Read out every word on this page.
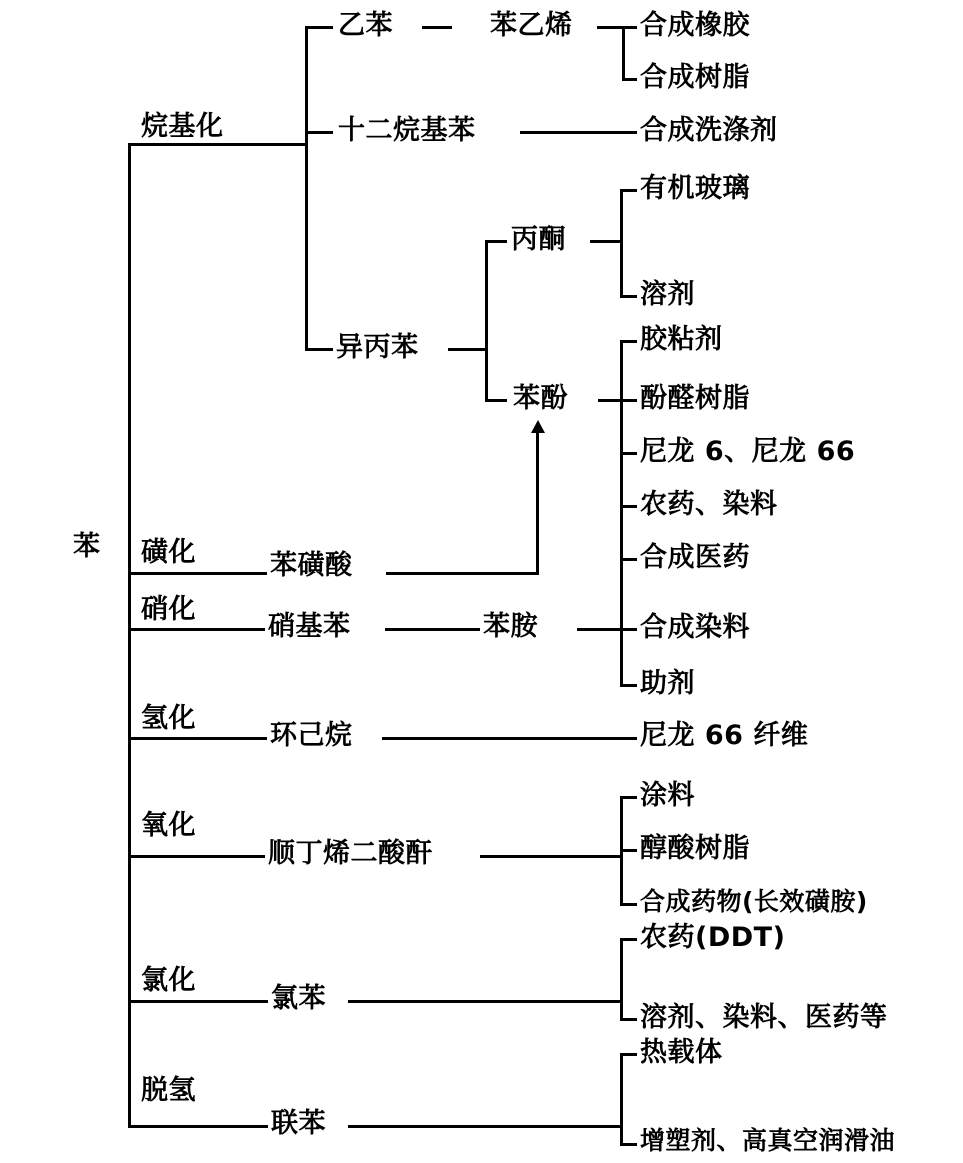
苯
烷基化
乙苯	苯乙烯	合成橡胶
合成树脂
十二烷基苯	合成洗涤剂
异丙苯
丙酮
有机玻璃
溶剂
苯酚
胶粘剂
酚醛树脂
尼龙 6、尼龙 66
农药、染料
合成医药
合成染料
助剂
磺化	苯磺酸
硝化
硝基苯	苯胺
氢化
环己烷	尼龙 66 纤维
氧化
顺丁烯二酸酐
涂料
醇酸树脂
合成药物(长效磺胺)
氯化
氯苯
农药(DDT)
溶剂、染料、医药等
脱氢
联苯
热载体
增塑剂、高真空润滑油
